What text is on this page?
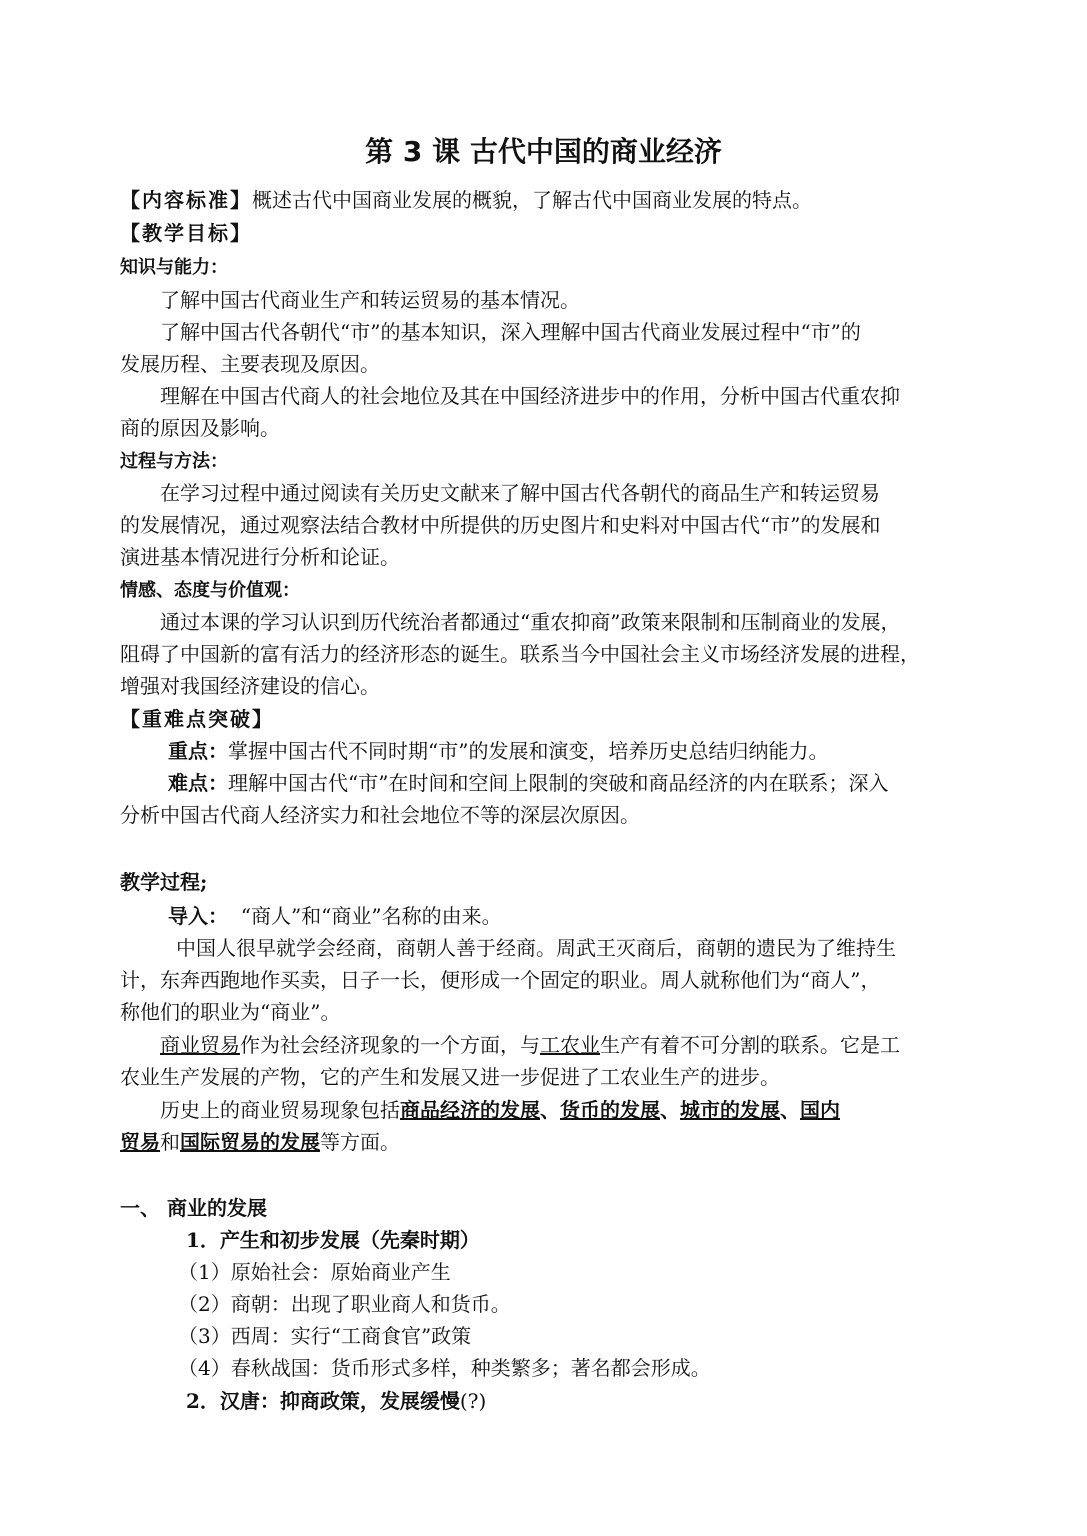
第 3 课 古代中国的商业经济
【内容标准】概述古代中国商业发展的概貌，了解古代中国商业发展的特点。
【教学目标】
知识与能力：
了解中国古代商业生产和转运贸易的基本情况。
了解中国古代各朝代“市”的基本知识，深入理解中国古代商业发展过程中“市”的
发展历程、主要表现及原因。
理解在中国古代商人的社会地位及其在中国经济进步中的作用，分析中国古代重农抑
商的原因及影响。
过程与方法：
在学习过程中通过阅读有关历史文献来了解中国古代各朝代的商品生产和转运贸易
的发展情况，通过观察法结合教材中所提供的历史图片和史料对中国古代“市”的发展和
演进基本情况进行分析和论证。
情感、态度与价值观：
通过本课的学习认识到历代统治者都通过“重农抑商”政策来限制和压制商业的发展，
阻碍了中国新的富有活力的经济形态的诞生。联系当今中国社会主义市场经济发展的进程，
增强对我国经济建设的信心。
【重难点突破】
重点：掌握中国古代不同时期“市”的发展和演变，培养历史总结归纳能力。
难点：理解中国古代“市”在时间和空间上限制的突破和商品经济的内在联系；深入
分析中国古代商人经济实力和社会地位不等的深层次原因。
教学过程;
导入： “商人”和“商业”名称的由来。
中国人很早就学会经商，商朝人善于经商。周武王灭商后，商朝的遗民为了维持生
计，东奔西跑地作买卖，日子一长，便形成一个固定的职业。周人就称他们为“商人”，
称他们的职业为“商业”。
商业贸易作为社会经济现象的一个方面，与工农业生产有着不可分割的联系。它是工
农业生产发展的产物，它的产生和发展又进一步促进了工农业生产的进步。
历史上的商业贸易现象包括商品经济的发展、货币的发展、城市的发展、国内
贸易和国际贸易的发展等方面。
一、 商业的发展
1．产生和初步发展（先秦时期）
（1）原始社会：原始商业产生
（2）商朝：出现了职业商人和货币。
（3）西周：实行“工商食官”政策
（4）春秋战国：货币形式多样，种类繁多；著名都会形成。
2．汉唐：抑商政策，发展缓慢(?)
